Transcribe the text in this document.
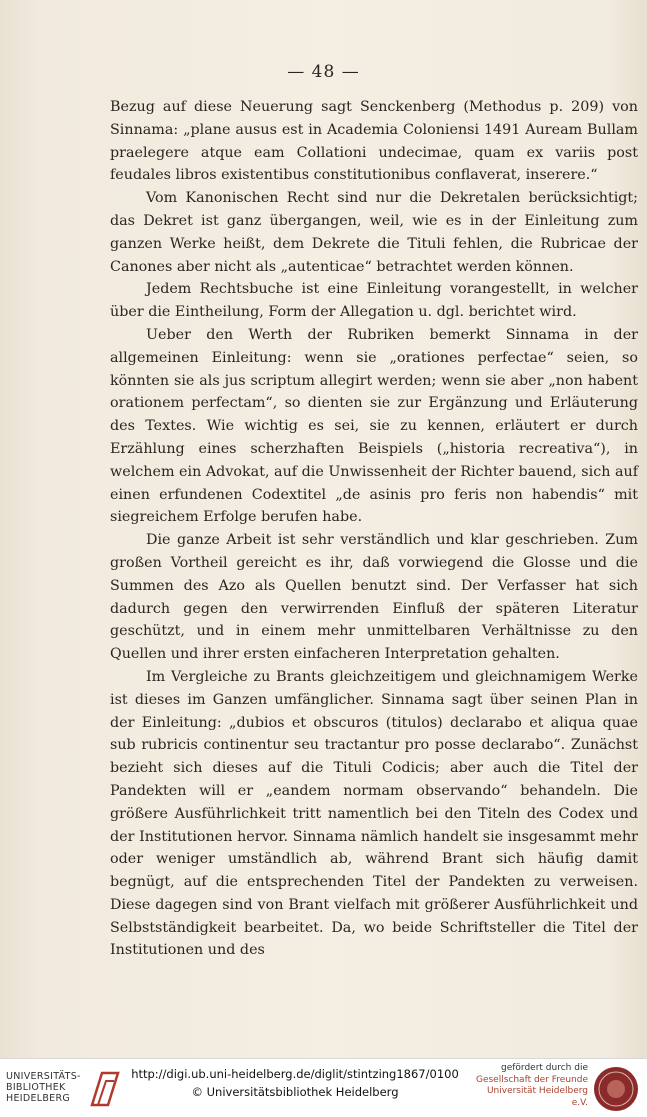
— 48 —

Bezug auf diese Neuerung sagt Senckenberg (Methodus p. 209) von Sinnama: „plane ausus est in Academia Coloniensi 1491 Auream Bullam praelegere atque eam Collationi undecimae, quam ex variis post feudales libros existentibus constitutionibus conflaverat, inserere.“

Vom Kanonischen Recht sind nur die Dekretalen berücksichtigt; das Dekret ist ganz übergangen, weil, wie es in der Einleitung zum ganzen Werke heißt, dem Dekrete die Tituli fehlen, die Rubricae der Canones aber nicht als „autenticae“ betrachtet werden können.

Jedem Rechtsbuche ist eine Einleitung vorangestellt, in welcher über die Eintheilung, Form der Allegation u. dgl. berichtet wird.

Ueber den Werth der Rubriken bemerkt Sinnama in der allgemeinen Einleitung: wenn sie „orationes perfectae“ seien, so könnten sie als jus scriptum allegirt werden; wenn sie aber „non habent orationem perfectam“, so dienten sie zur Ergänzung und Erläuterung des Textes. Wie wichtig es sei, sie zu kennen, erläutert er durch Erzählung eines scherzhaften Beispiels („historia recreativa“), in welchem ein Advokat, auf die Unwissenheit der Richter bauend, sich auf einen erfundenen Codextitel „de asinis pro feris non habendis“ mit siegreichem Erfolge berufen habe.

Die ganze Arbeit ist sehr verständlich und klar geschrieben. Zum großen Vortheil gereicht es ihr, daß vorwiegend die Glosse und die Summen des Azo als Quellen benutzt sind. Der Verfasser hat sich dadurch gegen den verwirrenden Einfluß der späteren Literatur geschützt, und in einem mehr unmittelbaren Verhältnisse zu den Quellen und ihrer ersten einfacheren Interpretation gehalten.

Im Vergleiche zu Brants gleichzeitigem und gleichnamigem Werke ist dieses im Ganzen umfänglicher. Sinnama sagt über seinen Plan in der Einleitung: „dubios et obscuros (titulos) declarabo et aliqua quae sub rubricis continentur seu tractantur pro posse declarabo“. Zunächst bezieht sich dieses auf die Tituli Codicis; aber auch die Titel der Pandekten will er „eandem normam observando“ behandeln. Die größere Ausführlichkeit tritt namentlich bei den Titeln des Codex und der Institutionen hervor. Sinnama nämlich handelt sie insgesammt mehr oder weniger umständlich ab, während Brant sich häufig damit begnügt, auf die entsprechenden Titel der Pandekten zu verweisen. Diese dagegen sind von Brant vielfach mit größerer Ausführlichkeit und Selbstständigkeit bearbeitet. Da, wo beide Schriftsteller die Titel der Institutionen und des

UNIVERSITÄTS-
BIBLIOTHEK
HEIDELBERG
http://digi.ub.uni-heidelberg.de/diglit/stintzing1867/0100
© Universitätsbibliothek Heidelberg
gefördert durch die
Gesellschaft der Freunde
Universität Heidelberg e.V.
